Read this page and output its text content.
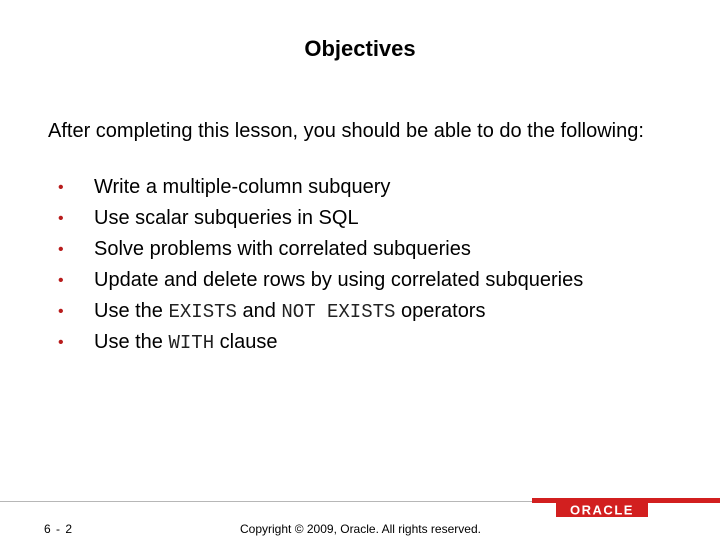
Objectives
After completing this lesson, you should be able to do the following:
• Write a multiple-column subquery
• Use scalar subqueries in SQL
• Solve problems with correlated subqueries
• Update and delete rows by using correlated subqueries
• Use the EXISTS and NOT EXISTS operators
• Use the WITH clause
ORACLE
6 - 2	Copyright © 2009, Oracle. All rights reserved.
